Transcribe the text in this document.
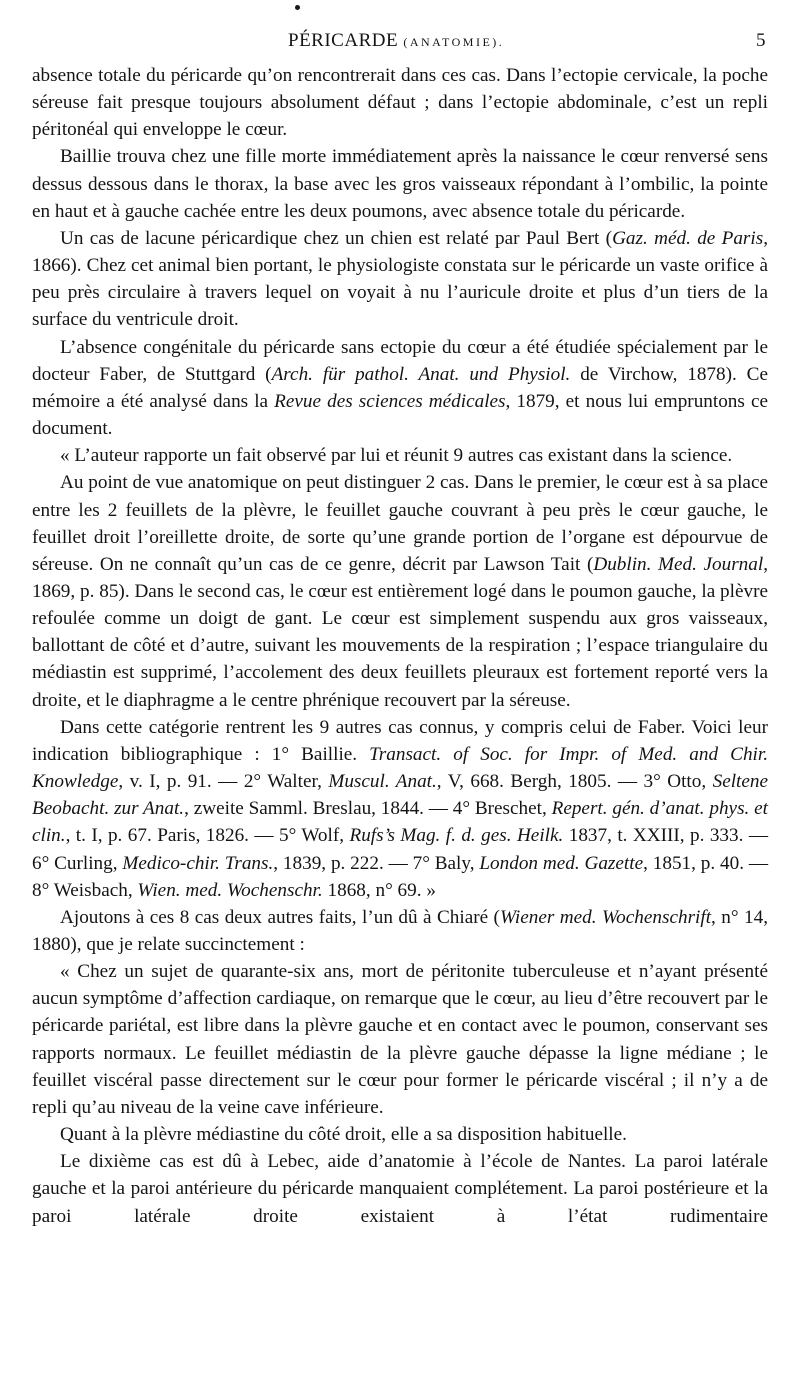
PÉRICARDE (ANATOMIE).	5

absence totale du péricarde qu’on rencontrerait dans ces cas. Dans l’ectopie cervicale, la poche séreuse fait presque toujours absolument défaut ; dans l’ectopie abdominale, c’est un repli péritonéal qui enveloppe le cœur.

Baillie trouva chez une fille morte immédiatement après la naissance le cœur renversé sens dessus dessous dans le thorax, la base avec les gros vaisseaux répondant à l’ombilic, la pointe en haut et à gauche cachée entre les deux poumons, avec absence totale du péricarde.

Un cas de lacune péricardique chez un chien est relaté par Paul Bert (Gaz. méd. de Paris, 1866). Chez cet animal bien portant, le physiologiste constata sur le péricarde un vaste orifice à peu près circulaire à travers lequel on voyait à nu l’auricule droite et plus d’un tiers de la surface du ventricule droit.

L’absence congénitale du péricarde sans ectopie du cœur a été étudiée spécialement par le docteur Faber, de Stuttgard (Arch. für pathol. Anat. und Physiol. de Virchow, 1878). Ce mémoire a été analysé dans la Revue des sciences médicales, 1879, et nous lui empruntons ce document.

« L’auteur rapporte un fait observé par lui et réunit 9 autres cas existant dans la science.

Au point de vue anatomique on peut distinguer 2 cas. Dans le premier, le cœur est à sa place entre les 2 feuillets de la plèvre, le feuillet gauche couvrant à peu près le cœur gauche, le feuillet droit l’oreillette droite, de sorte qu’une grande portion de l’organe est dépourvue de séreuse. On ne connaît qu’un cas de ce genre, décrit par Lawson Tait (Dublin. Med. Journal, 1869, p. 85). Dans le second cas, le cœur est entièrement logé dans le poumon gauche, la plèvre refoulée comme un doigt de gant. Le cœur est simplement suspendu aux gros vaisseaux, ballottant de côté et d’autre, suivant les mouvements de la respiration ; l’espace triangulaire du médiastin est supprimé, l’accolement des deux feuillets pleuraux est fortement reporté vers la droite, et le diaphragme a le centre phrénique recouvert par la séreuse.

Dans cette catégorie rentrent les 9 autres cas connus, y compris celui de Faber. Voici leur indication bibliographique : 1° Baillie. Transact. of Soc. for Impr. of Med. and Chir. Knowledge, v. I, p. 91. — 2° Walter, Muscul. Anat., V, 668. Bergh, 1805. — 3° Otto, Seltene Beobacht. zur Anat., zweite Samml. Breslau, 1844. — 4° Breschet, Repert. gén. d’anat. phys. et clin., t. I, p. 67. Paris, 1826. — 5° Wolf, Rufs’s Mag. f. d. ges. Heilk. 1837, t. XXIII, p. 333. — 6° Curling, Medico-chir. Trans., 1839, p. 222. — 7° Baly, London med. Gazette, 1851, p. 40. — 8° Weisbach, Wien. med. Wochenschr. 1868, n° 69. »

Ajoutons à ces 8 cas deux autres faits, l’un dû à Chiaré (Wiener med. Wochenschrift, n° 14, 1880), que je relate succinctement :

« Chez un sujet de quarante-six ans, mort de péritonite tuberculeuse et n’ayant présenté aucun symptôme d’affection cardiaque, on remarque que le cœur, au lieu d’être recouvert par le péricarde pariétal, est libre dans la plèvre gauche et en contact avec le poumon, conservant ses rapports normaux. Le feuillet médiastin de la plèvre gauche dépasse la ligne médiane ; le feuillet viscéral passe directement sur le cœur pour former le péricarde viscéral ; il n’y a de repli qu’au niveau de la veine cave inférieure.

Quant à la plèvre médiastine du côté droit, elle a sa disposition habituelle.

Le dixième cas est dû à Lebec, aide d’anatomie à l’école de Nantes. La paroi latérale gauche et la paroi antérieure du péricarde manquaient complétement. La paroi postérieure et la paroi latérale droite existaient à l’état rudimentaire
